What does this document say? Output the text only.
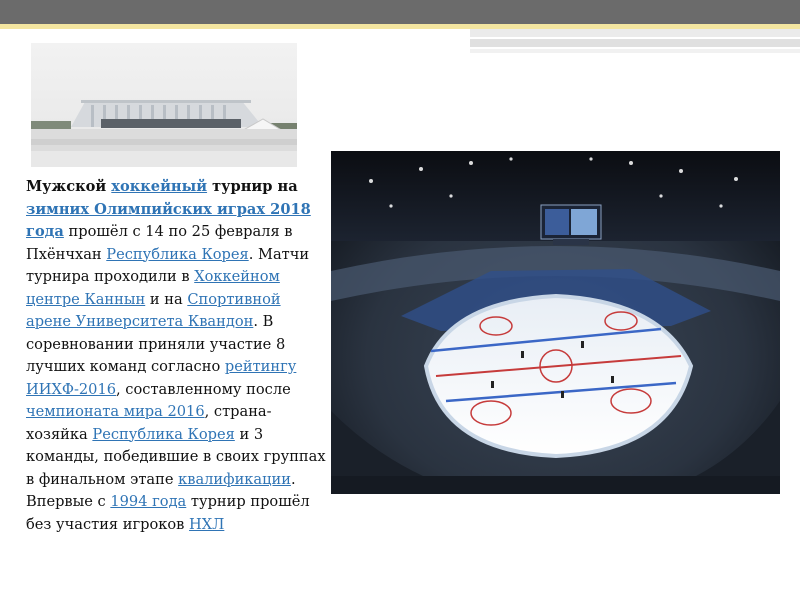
Мужской хоккейный турнир на зимних Олимпийских играх 2018 года прошёл с 14 по 25 февраля в Пхёнчхан Республика Корея. Матчи турнира проходили в Хоккейном центре Каннын и на Спортивной арене Университета Квандон. В соревновании приняли участие 8 лучших команд согласно рейтингу ИИХФ-2016, составленному после чемпионата мира 2016, страна-хозяйка Республика Корея и 3 команды, победившие в своих группах в финальном этапе квалификации. Впервые с 1994 года турнир прошёл без участия игроков НХЛ
